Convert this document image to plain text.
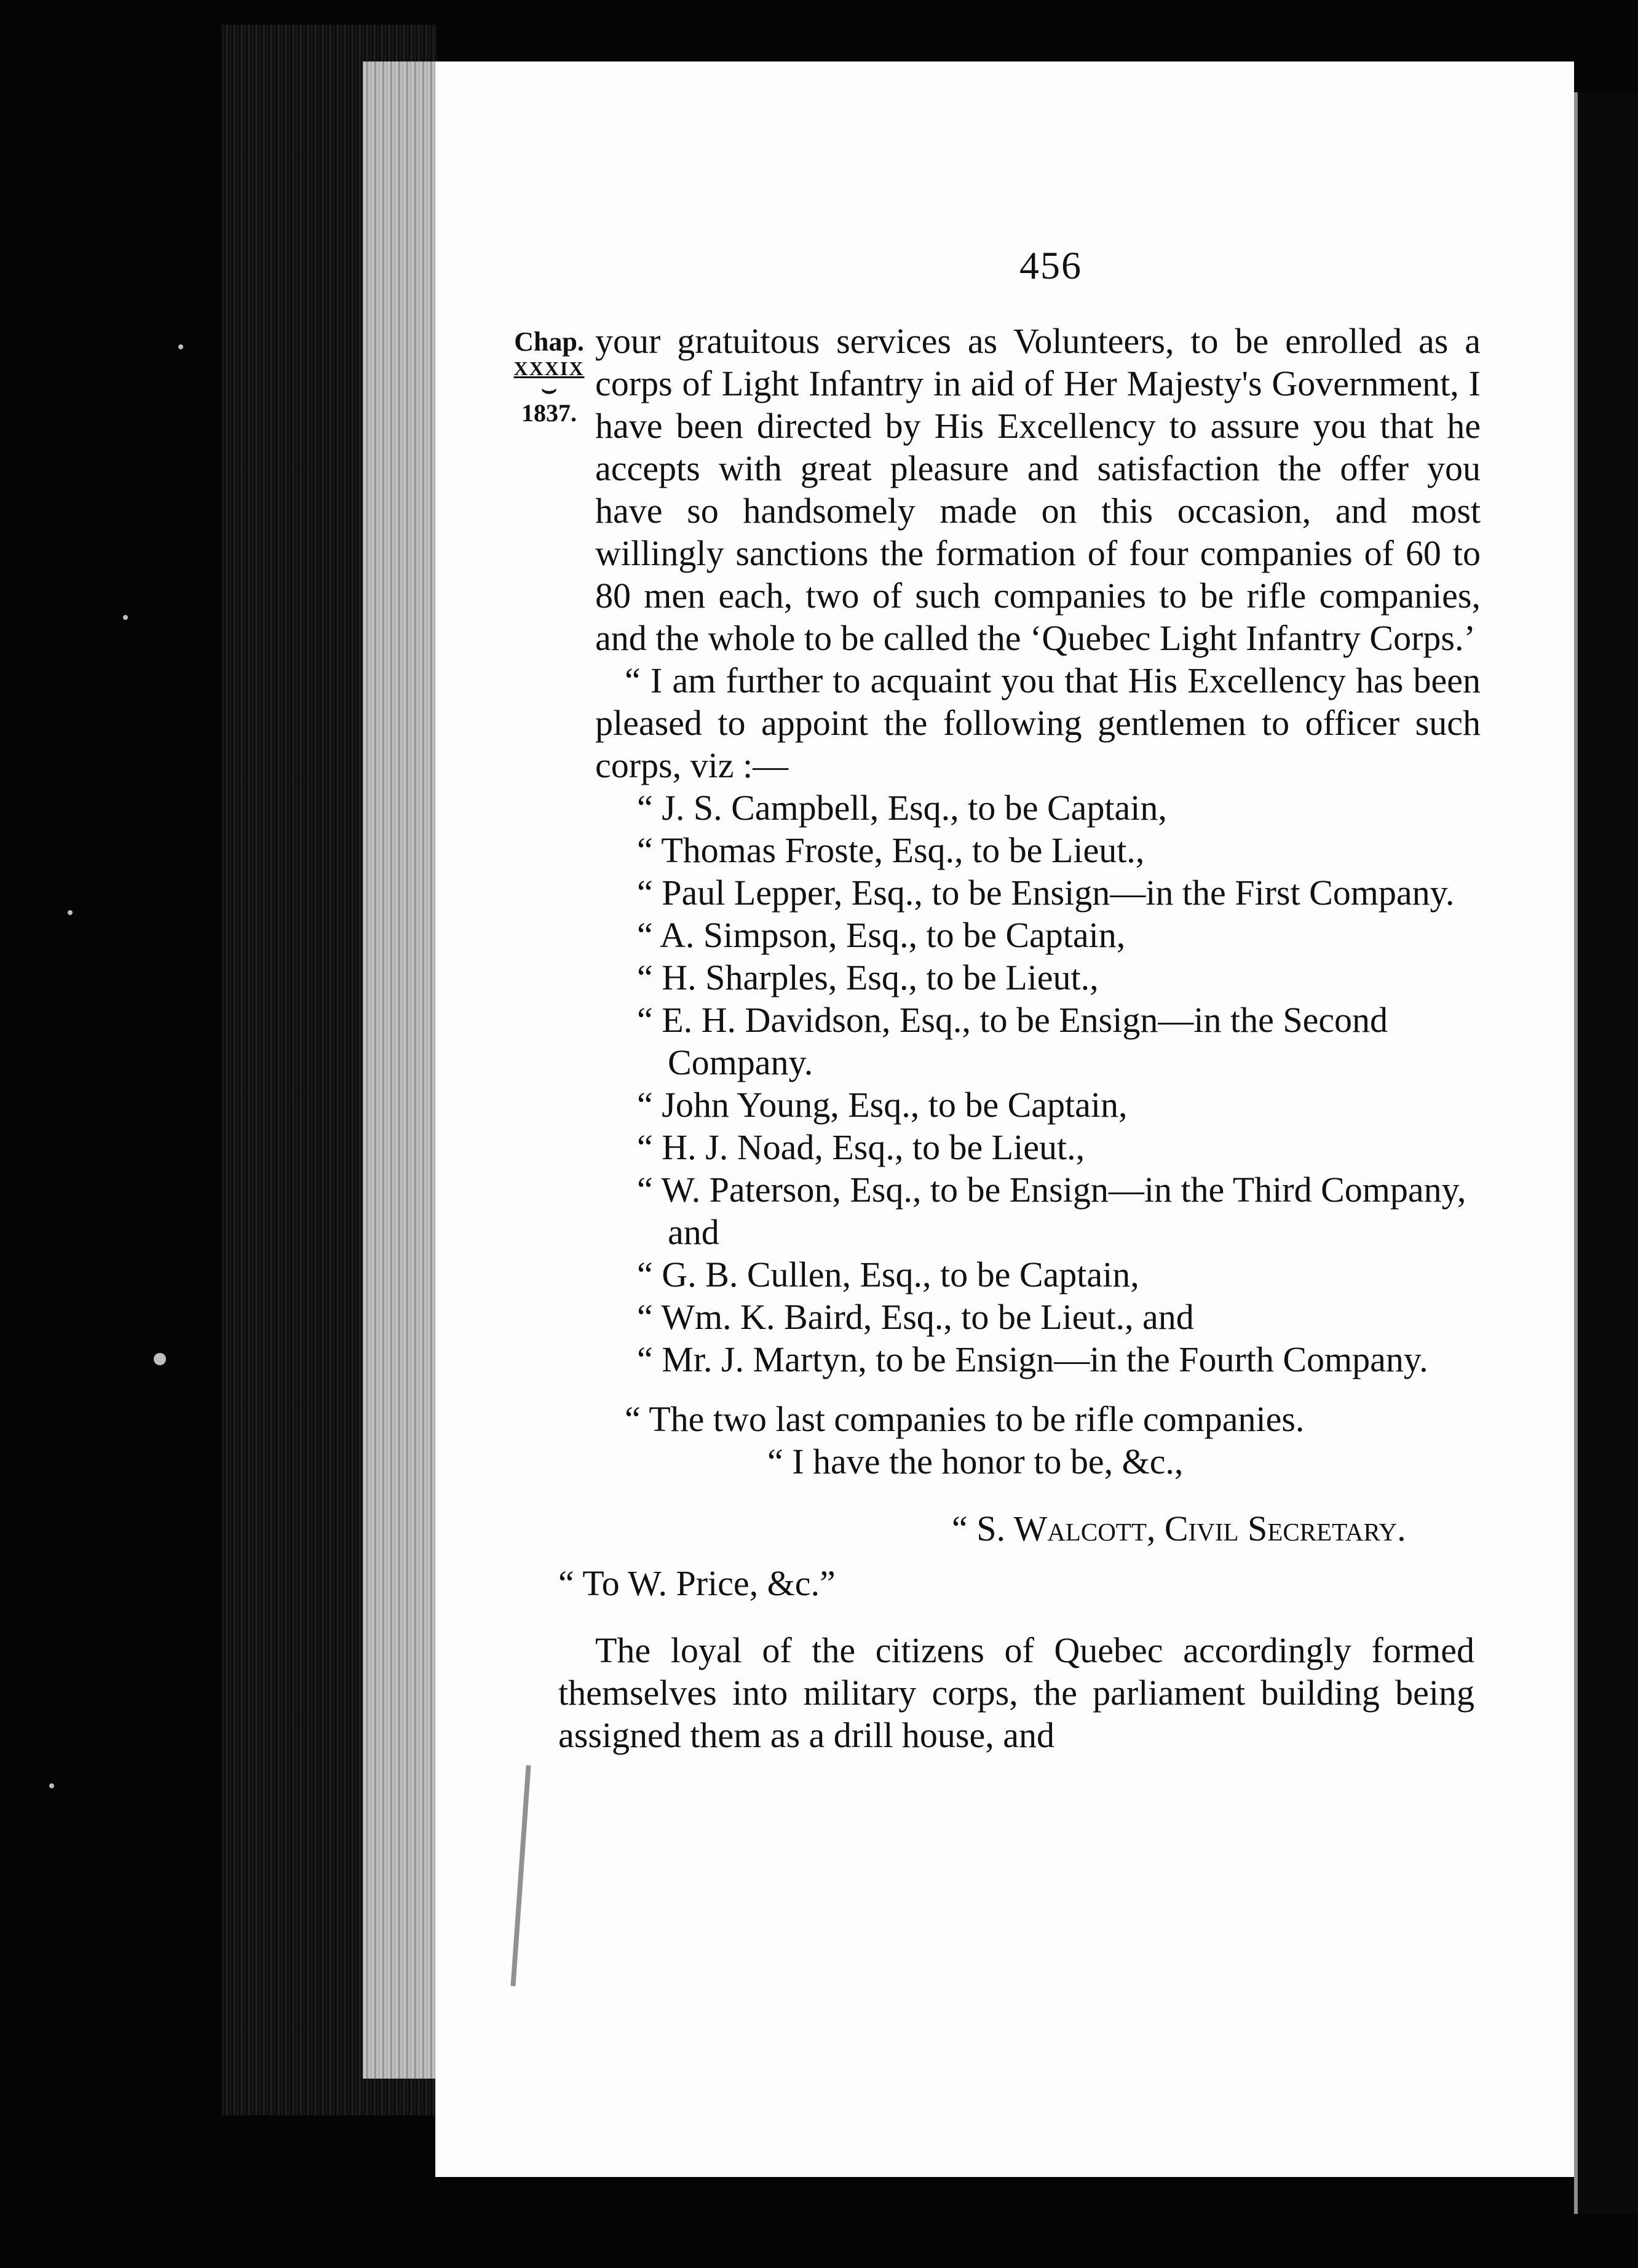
456
Chap.
XXXIX
⌣
1837.

your gratuitous services as Volunteers, to be enrolled as a corps of Light Infantry in aid of Her Majesty's Government, I have been directed by His Excellency to assure you that he accepts with great pleasure and satisfaction the offer you have so handsomely made on this occasion, and most willingly sanctions the formation of four companies of 60 to 80 men each, two of such companies to be rifle companies, and the whole to be called the ‘Quebec Light Infantry Corps.’

“ I am further to acquaint you that His Excellency has been pleased to appoint the following gentlemen to officer such corps, viz :—

“ J. S. Campbell, Esq., to be Captain,
“ Thomas Froste, Esq., to be Lieut.,
“ Paul Lepper, Esq., to be Ensign—in the First Company.
“ A. Simpson, Esq., to be Captain,
“ H. Sharples, Esq., to be Lieut.,
“ E. H. Davidson, Esq., to be Ensign—in the Second Company.
“ John Young, Esq., to be Captain,
“ H. J. Noad, Esq., to be Lieut.,
“ W. Paterson, Esq., to be Ensign—in the Third Company, and
“ G. B. Cullen, Esq., to be Captain,
“ Wm. K. Baird, Esq., to be Lieut., and
“ Mr. J. Martyn, to be Ensign—in the Fourth Company.
“ The two last companies to be rifle companies.
“ I have the honor to be, &c.,
“ S. Walcott, Civil Secretary.
“ To W. Price, &c.”

The loyal of the citizens of Quebec accordingly formed themselves into military corps, the parliament building being assigned them as a drill house, and
